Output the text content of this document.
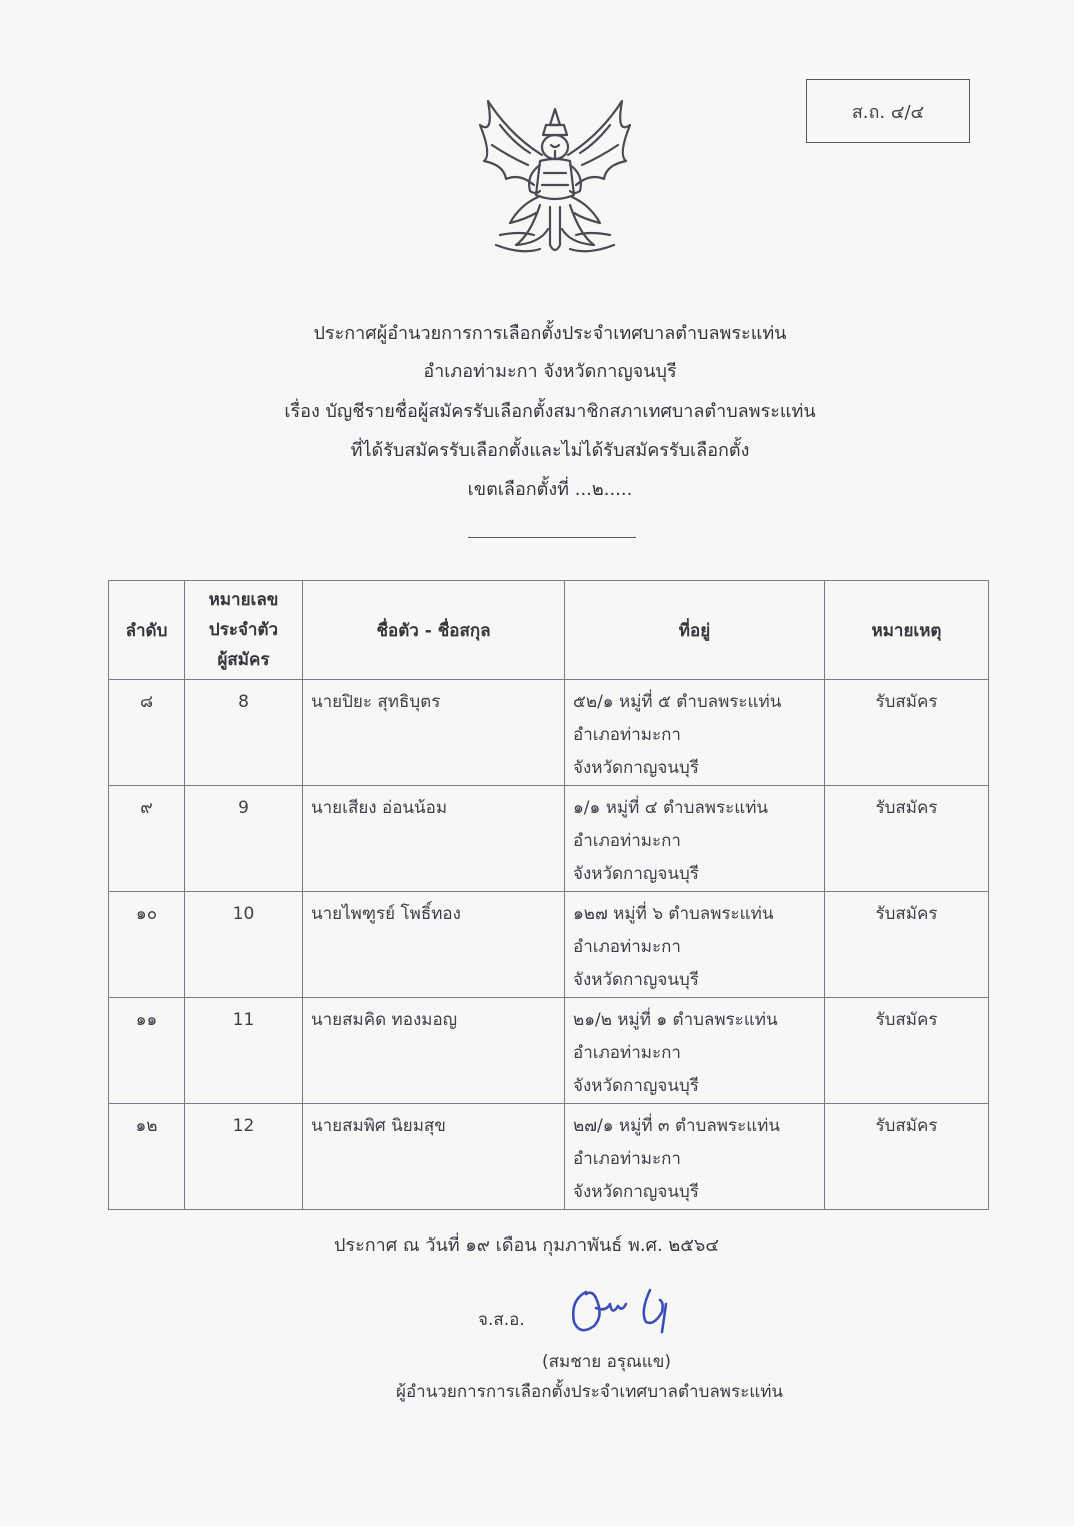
ส.ถ. ๔/๔
ประกาศผู้อำนวยการการเลือกตั้งประจำเทศบาลตำบลพระแท่น
อำเภอท่ามะกา จังหวัดกาญจนบุรี
เรื่อง บัญชีรายชื่อผู้สมัครรับเลือกตั้งสมาชิกสภาเทศบาลตำบลพระแท่น
ที่ได้รับสมัครรับเลือกตั้งและไม่ได้รับสมัครรับเลือกตั้ง
เขตเลือกตั้งที่ ...๒.....
ลำดับ	หมายเลข
ประจำตัว
ผู้สมัคร	ชื่อตัว - ชื่อสกุล	ที่อยู่	หมายเหตุ
๘	8	นายปิยะ สุทธิบุตร	๕๒/๑ หมู่ที่ ๕ ตำบลพระแท่น
อำเภอท่ามะกา
จังหวัดกาญจนบุรี	รับสมัคร
๙	9	นายเสียง อ่อนน้อม	๑/๑ หมู่ที่ ๔ ตำบลพระแท่น
อำเภอท่ามะกา
จังหวัดกาญจนบุรี	รับสมัคร
๑๐	10	นายไพฑูรย์ โพธิ์ทอง	๑๒๗ หมู่ที่ ๖ ตำบลพระแท่น
อำเภอท่ามะกา
จังหวัดกาญจนบุรี	รับสมัคร
๑๑	11	นายสมคิด ทองมอญ	๒๑/๒ หมู่ที่ ๑ ตำบลพระแท่น
อำเภอท่ามะกา
จังหวัดกาญจนบุรี	รับสมัคร
๑๒	12	นายสมพิศ นิยมสุข	๒๗/๑ หมู่ที่ ๓ ตำบลพระแท่น
อำเภอท่ามะกา
จังหวัดกาญจนบุรี	รับสมัคร
ประกาศ ณ วันที่ ๑๙ เดือน กุมภาพันธ์ พ.ศ. ๒๕๖๔
จ.ส.อ.
(สมชาย อรุณแข)
ผู้อำนวยการการเลือกตั้งประจำเทศบาลตำบลพระแท่น
